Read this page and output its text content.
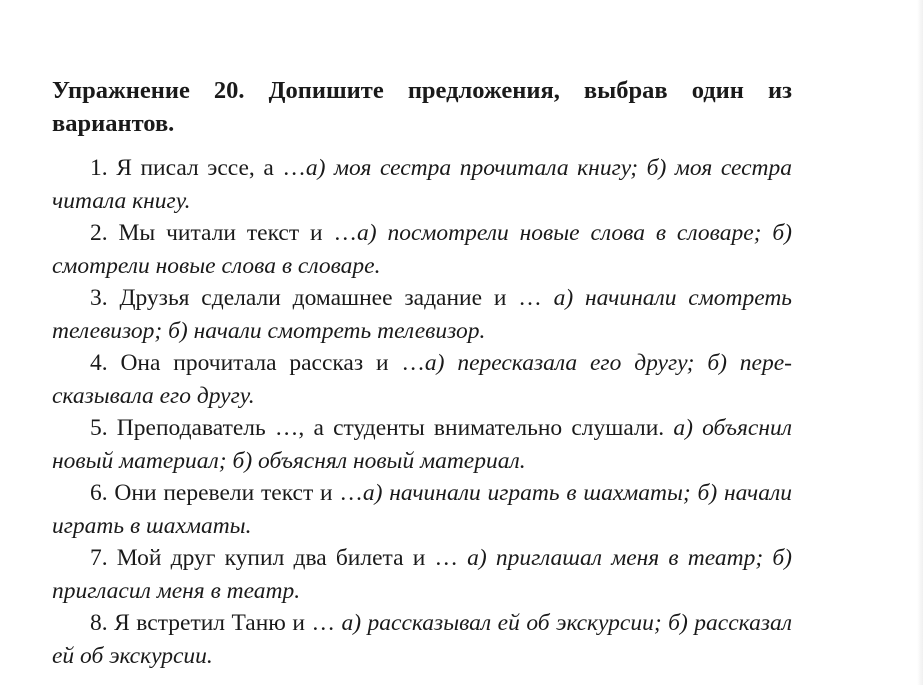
Упражнение 20. Допишите предложения, выбрав один из вариантов.

1. Я писал эссе, а …а) моя сестра прочитала книгу; б) моя сестра читала книгу.

2. Мы читали текст и …а) посмотрели новые слова в словаре; б) смотрели новые слова в словаре.

3. Друзья сделали домашнее задание и … а) начинали смотреть телевизор; б) начали смотреть телевизор.

4. Она прочитала рассказ и …а) пересказала его другу; б) пересказывала его другу.

5. Преподаватель …, а студенты внимательно слушали. а) объяснил новый материал; б) объяснял новый материал.

6. Они перевели текст и …а) начинали играть в шахматы; б) начали играть в шахматы.

7. Мой друг купил два билета и … а) приглашал меня в театр; б) пригласил меня в театр.

8. Я встретил Таню и … а) рассказывал ей об экскурсии; б) рассказал ей об экскурсии.
